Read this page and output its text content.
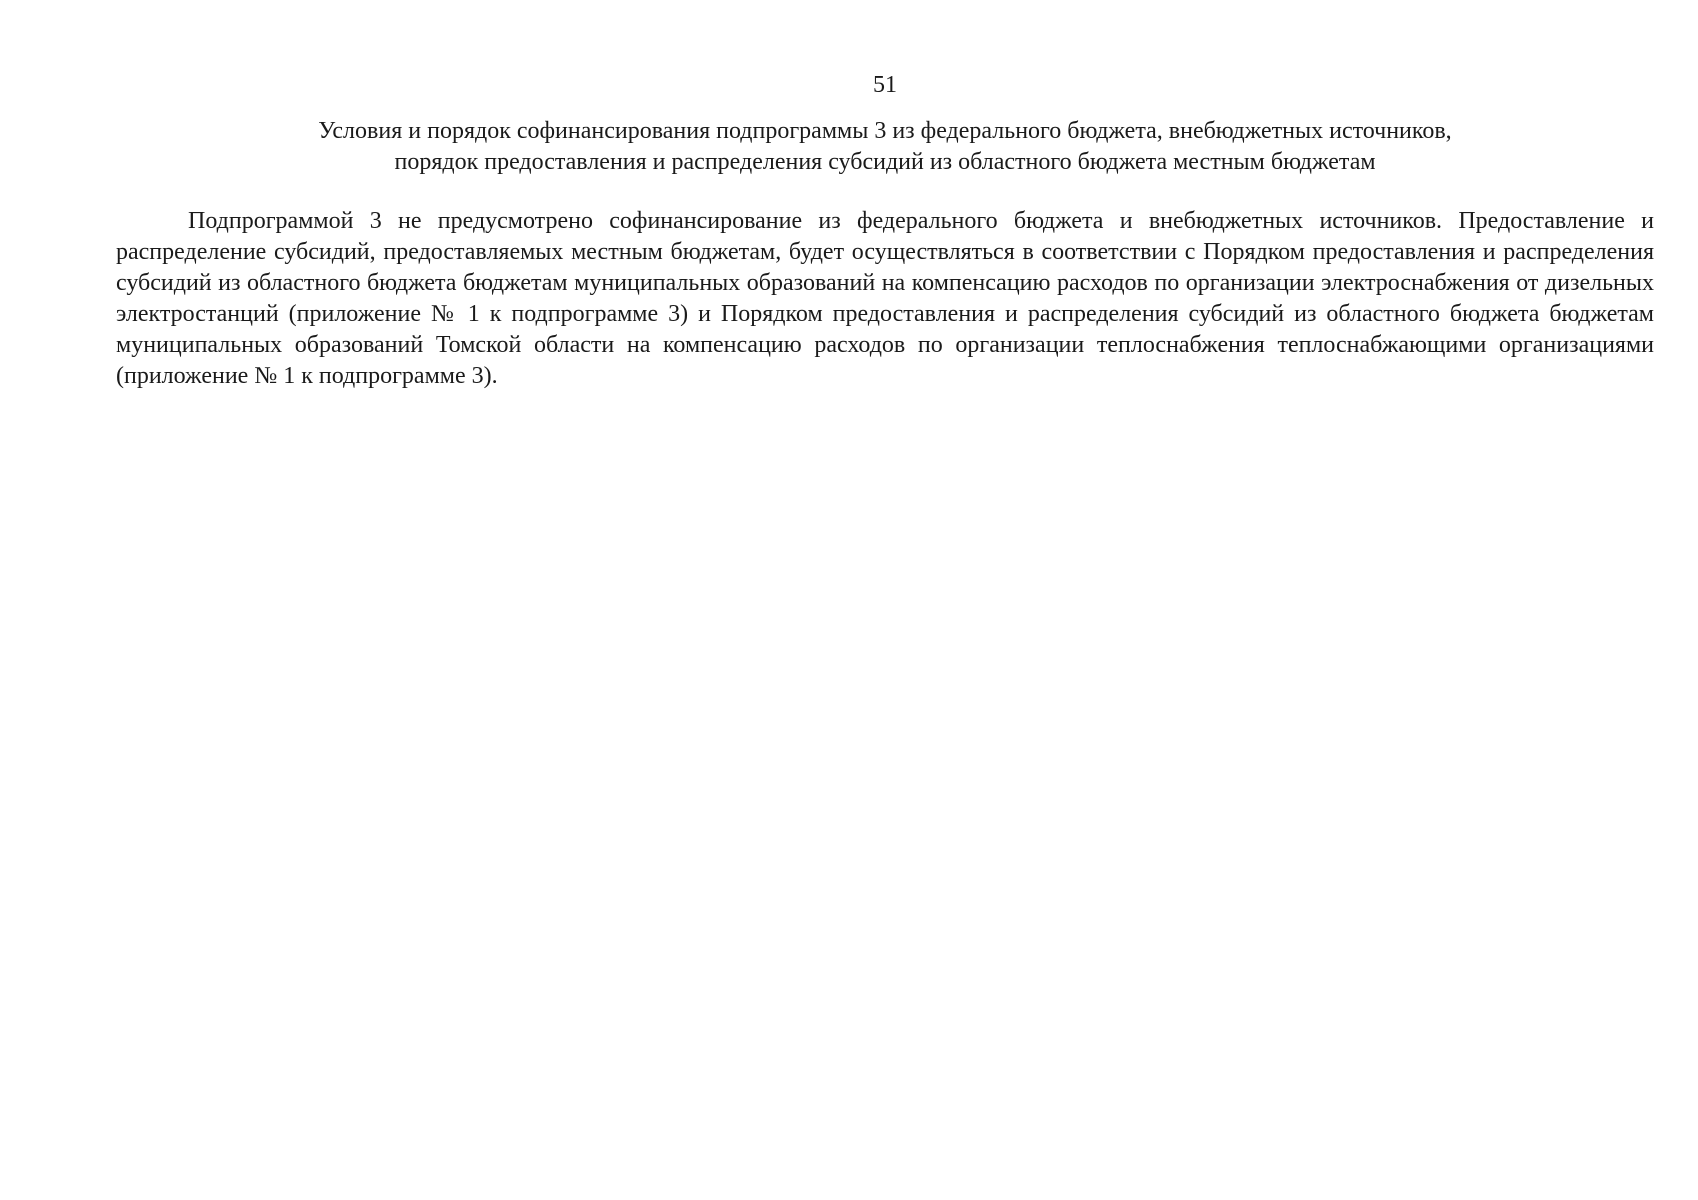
51
Условия и порядок софинансирования подпрограммы 3 из федерального бюджета, внебюджетных источников,
порядок предоставления и распределения субсидий из областного бюджета местным бюджетам

Подпрограммой 3 не предусмотрено софинансирование из федерального бюджета и внебюджетных источников. Предоставление и распределение субсидий, предоставляемых местным бюджетам, будет осуществляться в соответствии с Порядком предоставления и распределения субсидий из областного бюджета бюджетам муниципальных образований на компенсацию расходов по организации электроснабжения от дизельных электростанций (приложение № 1 к подпрограмме 3) и Порядком предоставления и распределения субсидий из областного бюджета бюджетам муниципальных образований Томской области на компенсацию расходов по организации теплоснабжения теплоснабжающими организациями (приложение № 1 к подпрограмме 3).
